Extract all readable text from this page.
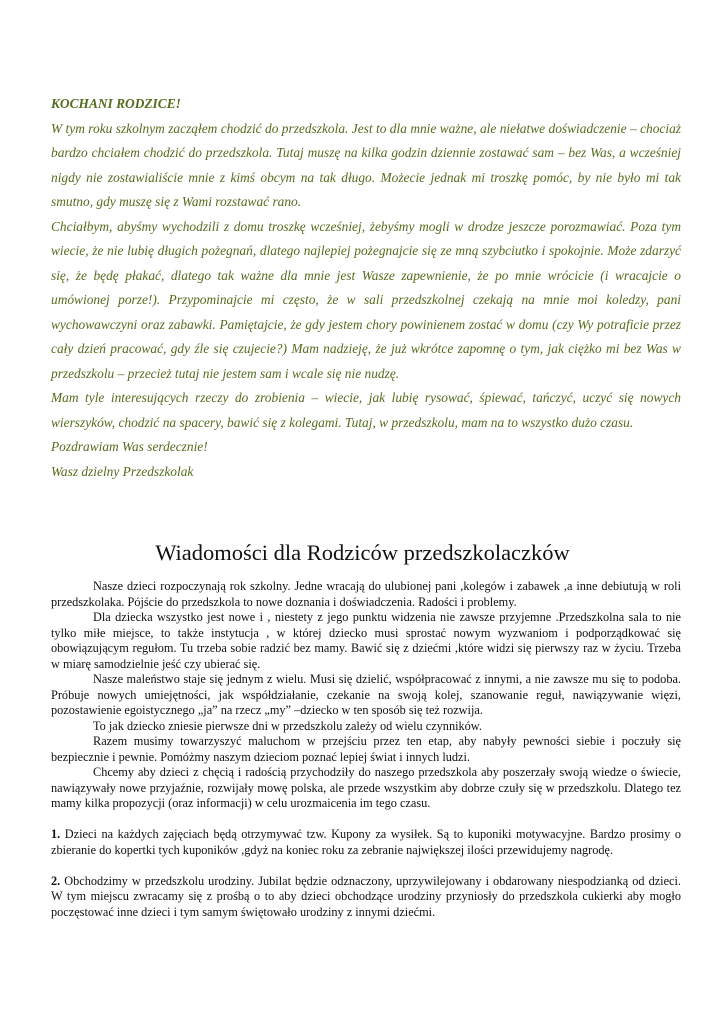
KOCHANI RODZICE!

W tym roku szkolnym zacząłem chodzić do przedszkola. Jest to dla mnie ważne, ale niełatwe doświadczenie – chociaż bardzo chciałem chodzić do przedszkola. Tutaj muszę na kilka godzin dziennie zostawać sam – bez Was, a wcześniej nigdy nie zostawialiście mnie z kimś obcym na tak długo. Możecie jednak mi troszkę pomóc, by nie było mi tak smutno, gdy muszę się z Wami rozstawać rano.

Chciałbym, abyśmy wychodzili z domu troszkę wcześniej, żebyśmy mogli w drodze jeszcze porozmawiać. Poza tym wiecie, że nie lubię długich pożegnań, dlatego najlepiej pożegnajcie się ze mną szybciutko i spokojnie. Może zdarzyć się, że będę płakać, dlatego tak ważne dla mnie jest Wasze zapewnienie, że po mnie wrócicie (i wracajcie o umówionej porze!). Przypominajcie mi często, że w sali przedszkolnej czekają na mnie moi koledzy, pani wychowawczyni oraz zabawki. Pamiętajcie, że gdy jestem chory powinienem zostać w domu (czy Wy potraficie przez cały dzień pracować, gdy źle się czujecie?) Mam nadzieję, że już wkrótce zapomnę o tym, jak ciężko mi bez Was w przedszkolu – przecież tutaj nie jestem sam i wcale się nie nudzę.

Mam tyle interesujących rzeczy do zrobienia – wiecie, jak lubię rysować, śpiewać, tańczyć, uczyć się nowych wierszyków, chodzić na spacery, bawić się z kolegami. Tutaj, w przedszkolu, mam na to wszystko dużo czasu.

Pozdrawiam Was serdecznie!

Wasz dzielny Przedszkolak

Wiadomości dla Rodziców przedszkolaczków

Nasze dzieci rozpoczynają rok szkolny. Jedne wracają do ulubionej pani ,kolegów i zabawek ,a inne debiutują w roli przedszkolaka. Pójście do przedszkola to nowe doznania i doświadczenia. Radości i problemy.

Dla dziecka wszystko jest nowe i , niestety z jego punktu widzenia nie zawsze przyjemne .Przedszkolna sala to nie tylko miłe miejsce, to także instytucja , w której dziecko musi sprostać nowym wyzwaniom i podporządkować się obowiązującym regułom. Tu trzeba sobie radzić bez mamy. Bawić się z dziećmi ,które widzi się pierwszy raz w życiu. Trzeba w miarę samodzielnie jeść czy ubierać się.

Nasze maleństwo staje się jednym z wielu. Musi się dzielić, współpracować z innymi, a nie zawsze mu się to podoba. Próbuje nowych umiejętności, jak współdziałanie, czekanie na swoją kolej, szanowanie reguł, nawiązywanie więzi, pozostawienie egoistycznego „ja” na rzecz „my” –dziecko w ten sposób się też rozwija.

To jak dziecko zniesie pierwsze dni w przedszkolu zależy od wielu czynników.

Razem musimy towarzyszyć maluchom w przejściu przez ten etap, aby nabyły pewności siebie i poczuły się bezpiecznie i pewnie. Pomóżmy naszym dzieciom poznać lepiej świat i innych ludzi.

Chcemy aby dzieci z chęcią i radością przychodziły do naszego przedszkola aby poszerzały swoją wiedze o świecie, nawiązywały nowe przyjaźnie, rozwijały mowę polska, ale przede wszystkim aby dobrze czuły się w przedszkolu. Dlatego tez mamy kilka propozycji (oraz informacji) w celu urozmaicenia im tego czasu.

1. Dzieci na każdych zajęciach będą otrzymywać tzw. Kupony za wysiłek. Są to kuponiki motywacyjne. Bardzo prosimy o zbieranie do kopertki tych kuponików ,gdyż na koniec roku za zebranie największej ilości przewidujemy nagrodę.

2. Obchodzimy w przedszkolu urodziny. Jubilat będzie odznaczony, uprzywilejowany i obdarowany niespodzianką od dzieci. W tym miejscu zwracamy się z prośbą o to aby dzieci obchodzące urodziny przyniosły do przedszkola cukierki aby mogło poczęstować inne dzieci i tym samym świętowało urodziny z innymi dziećmi.
